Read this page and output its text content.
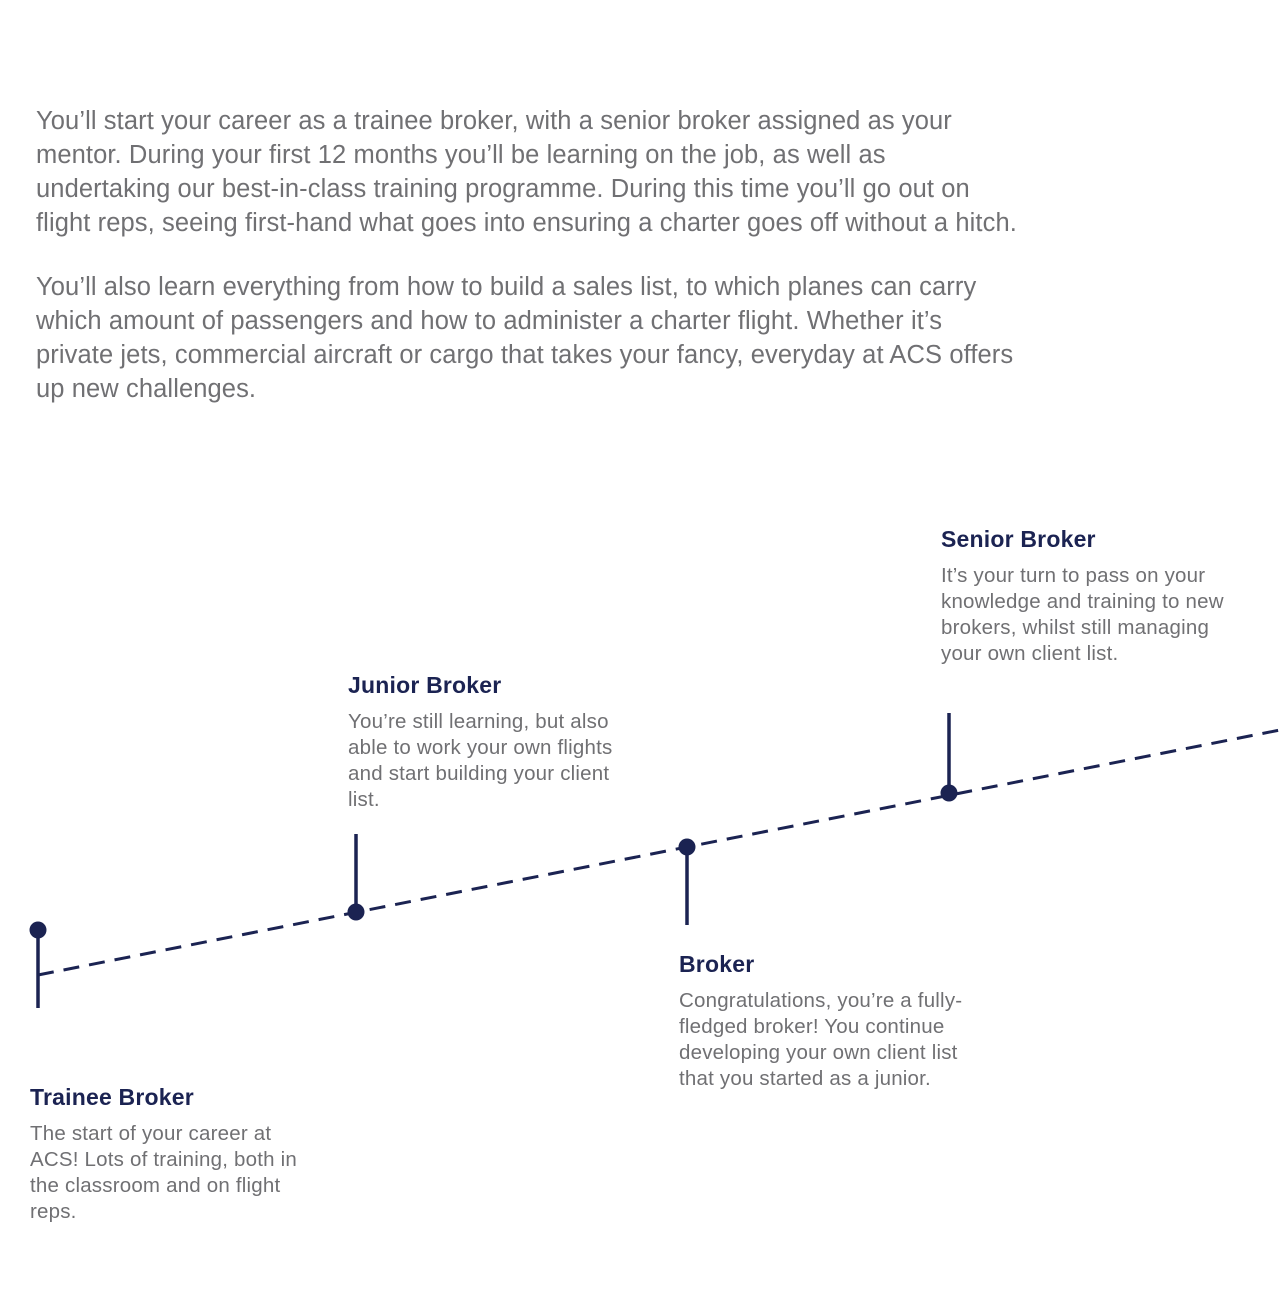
You’ll start your career as a trainee broker, with a senior broker assigned as your mentor. During your first 12 months you’ll be learning on the job, as well as undertaking our best-in-class training programme. During this time you’ll go out on flight reps, seeing first-hand what goes into ensuring a charter goes off without a hitch.

You’ll also learn everything from how to build a sales list, to which planes can carry which amount of passengers and how to administer a charter flight. Whether it’s private jets, commercial aircraft or cargo that takes your fancy, everyday at ACS offers up new challenges.

Trainee Broker

The start of your career at ACS! Lots of training, both in the classroom and on flight reps.

Junior Broker

You’re still learning, but also able to work your own flights and start building your client list.

Broker

Congratulations, you’re a fully-fledged broker! You continue developing your own client list that you started as a junior.

Senior Broker

It’s your turn to pass on your knowledge and training to new brokers, whilst still managing your own client list.
